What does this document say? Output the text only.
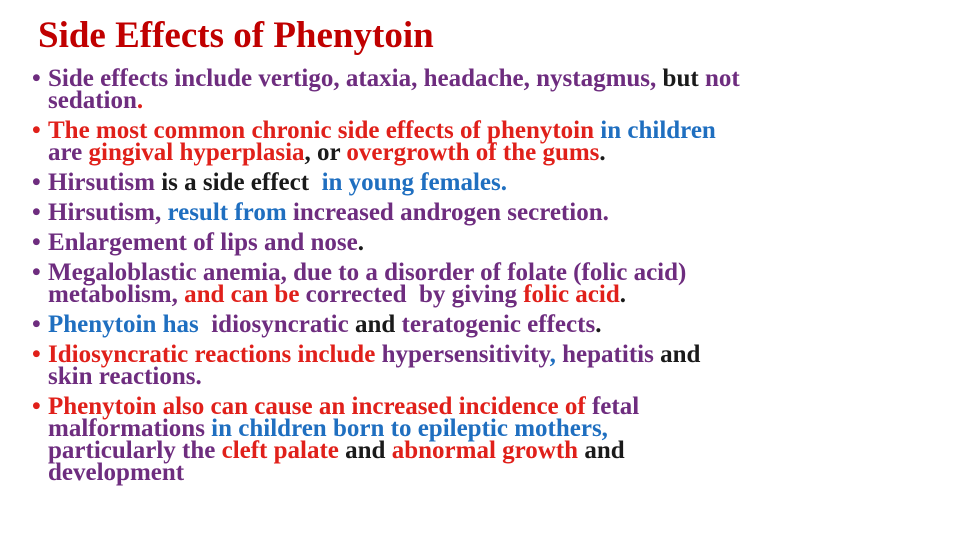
Side Effects of Phenytoin
• Side effects include vertigo, ataxia, headache, nystagmus, but not
sedation.
• The most common chronic side effects of phenytoin in children
are gingival hyperplasia, or overgrowth of the gums.
• Hirsutism is a side effect  in young females.
• Hirsutism, result from increased androgen secretion.
• Enlargement of lips and nose.
• Megaloblastic anemia, due to a disorder of folate (folic acid)
metabolism, and can be corrected  by giving folic acid.
• Phenytoin has  idiosyncratic and teratogenic effects.
• Idiosyncratic reactions include hypersensitivity, hepatitis and
skin reactions.
• Phenytoin also can cause an increased incidence of fetal
malformations in children born to epileptic mothers,
particularly the cleft palate and abnormal growth and
development
